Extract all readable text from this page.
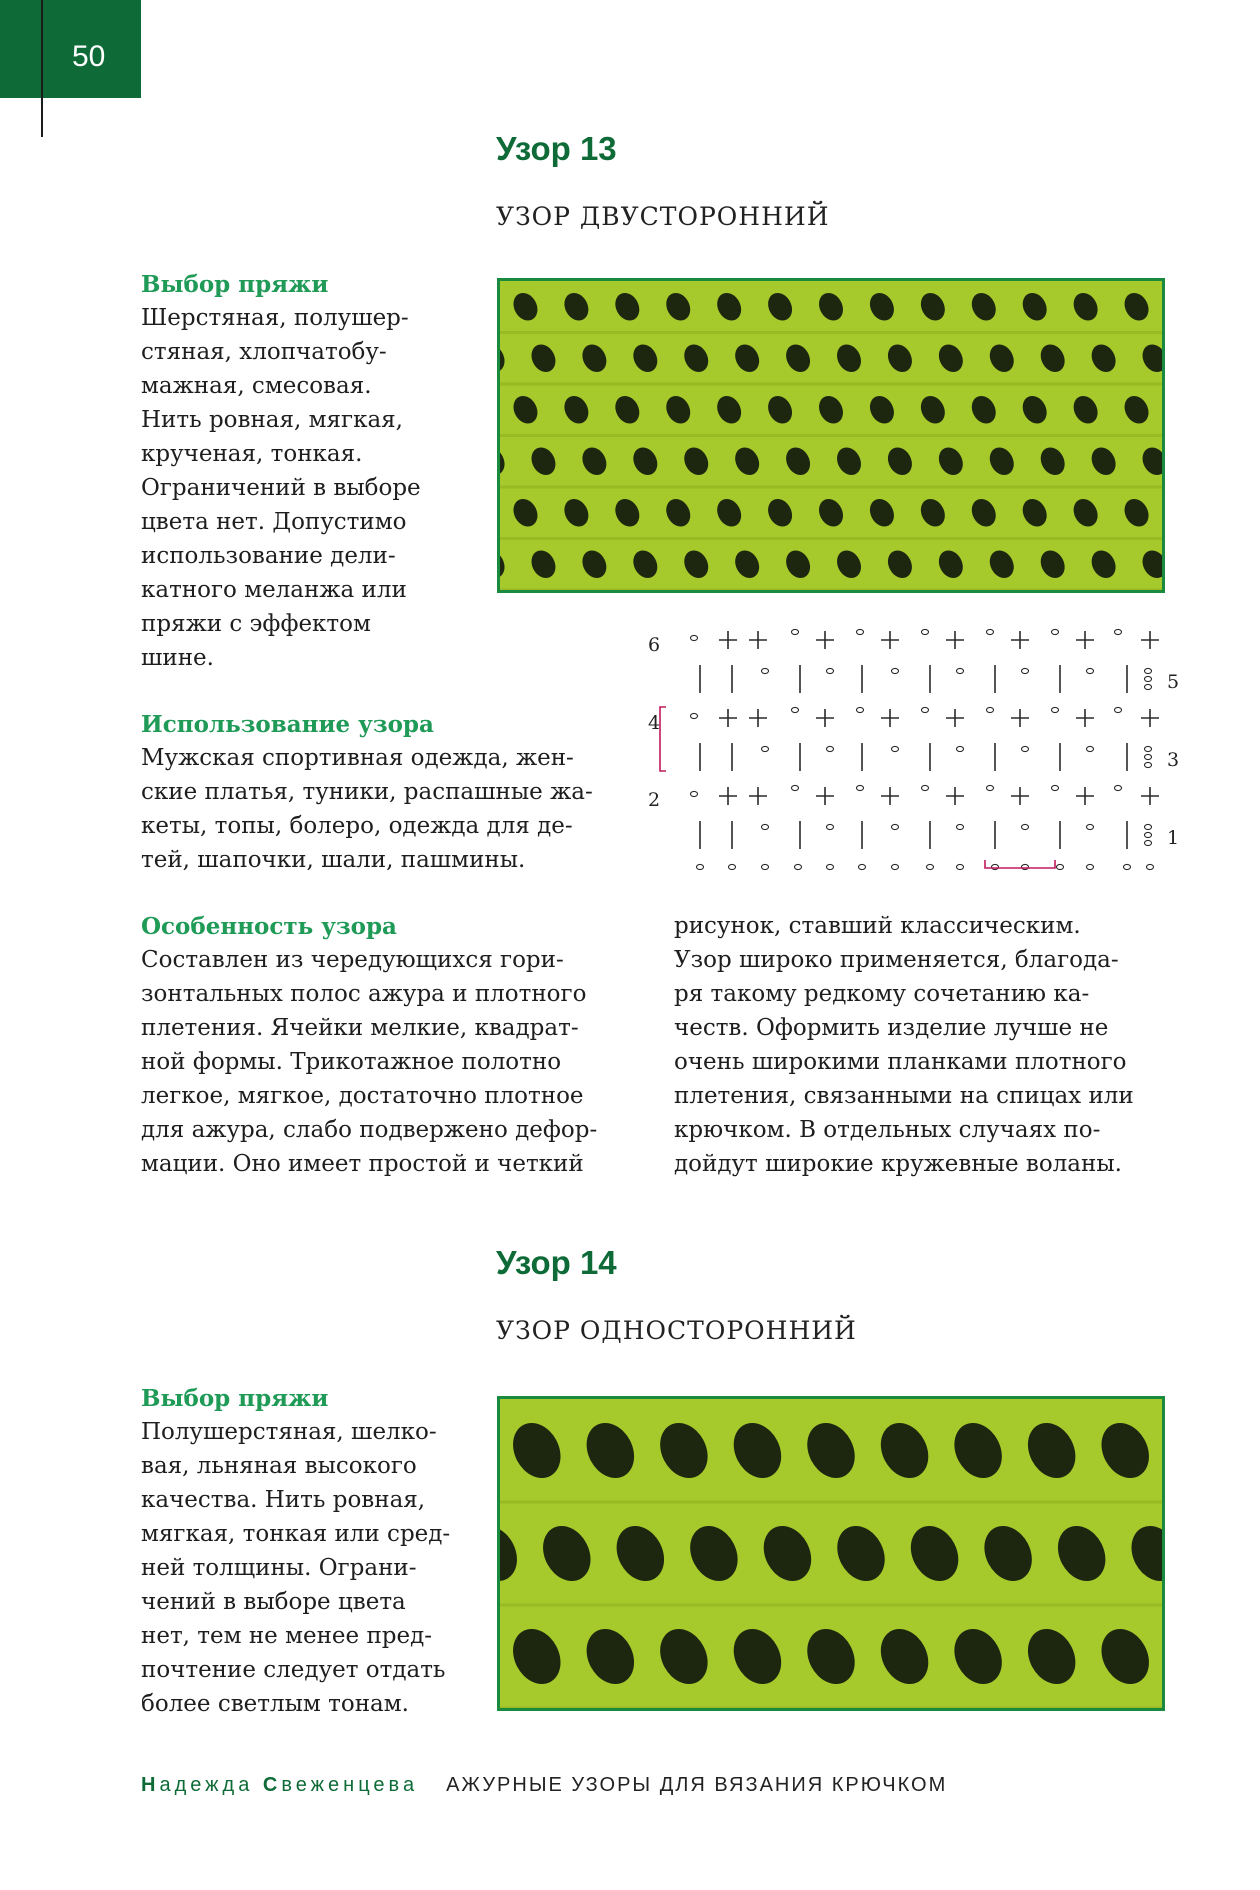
50
Узор 13
УЗОР ДВУСТОРОННИЙ
Выбор пряжи
Шерстяная, полушер-
стяная, хлопчатобу-
мажная, смесовая.
Нить ровная, мягкая,
крученая, тонкая.
Ограничений в выборе
цвета нет. Допустимо
использование дели-
катного меланжа или
пряжи с эффектом
шине.	6
4
2
5
3
1
Использование узора
Мужская спортивная одежда, жен-
ские платья, туники, распашные жа-
кеты, топы, болеро, одежда для де-
тей, шапочки, шали, пашмины.
Особенность узора
Составлен из чередующихся гори-
зонтальных полос ажура и плотного
плетения. Ячейки мелкие, квадрат-
ной формы. Трикотажное полотно
легкое, мягкое, достаточно плотное
для ажура, слабо подвержено дефор-
мации. Оно имеет простой и четкий
рисунок, ставший классическим.
Узор широко применяется, благода-
ря такому редкому сочетанию ка-
честв. Оформить изделие лучше не
очень широкими планками плотного
плетения, связанными на спицах или
крючком. В отдельных случаях по-
дойдут широкие кружевные воланы.
Узор 14
УЗОР ОДНОСТОРОННИЙ
Выбор пряжи
Полушерстяная, шелко-
вая, льняная высокого
качества. Нить ровная,
мягкая, тонкая или сред-
ней толщины. Ограни-
чений в выборе цвета
нет, тем не менее пред-
почтение следует отдать
более светлым тонам.
Надежда Свеженцева АЖУРНЫЕ УЗОРЫ ДЛЯ ВЯЗАНИЯ КРЮЧКОМ
